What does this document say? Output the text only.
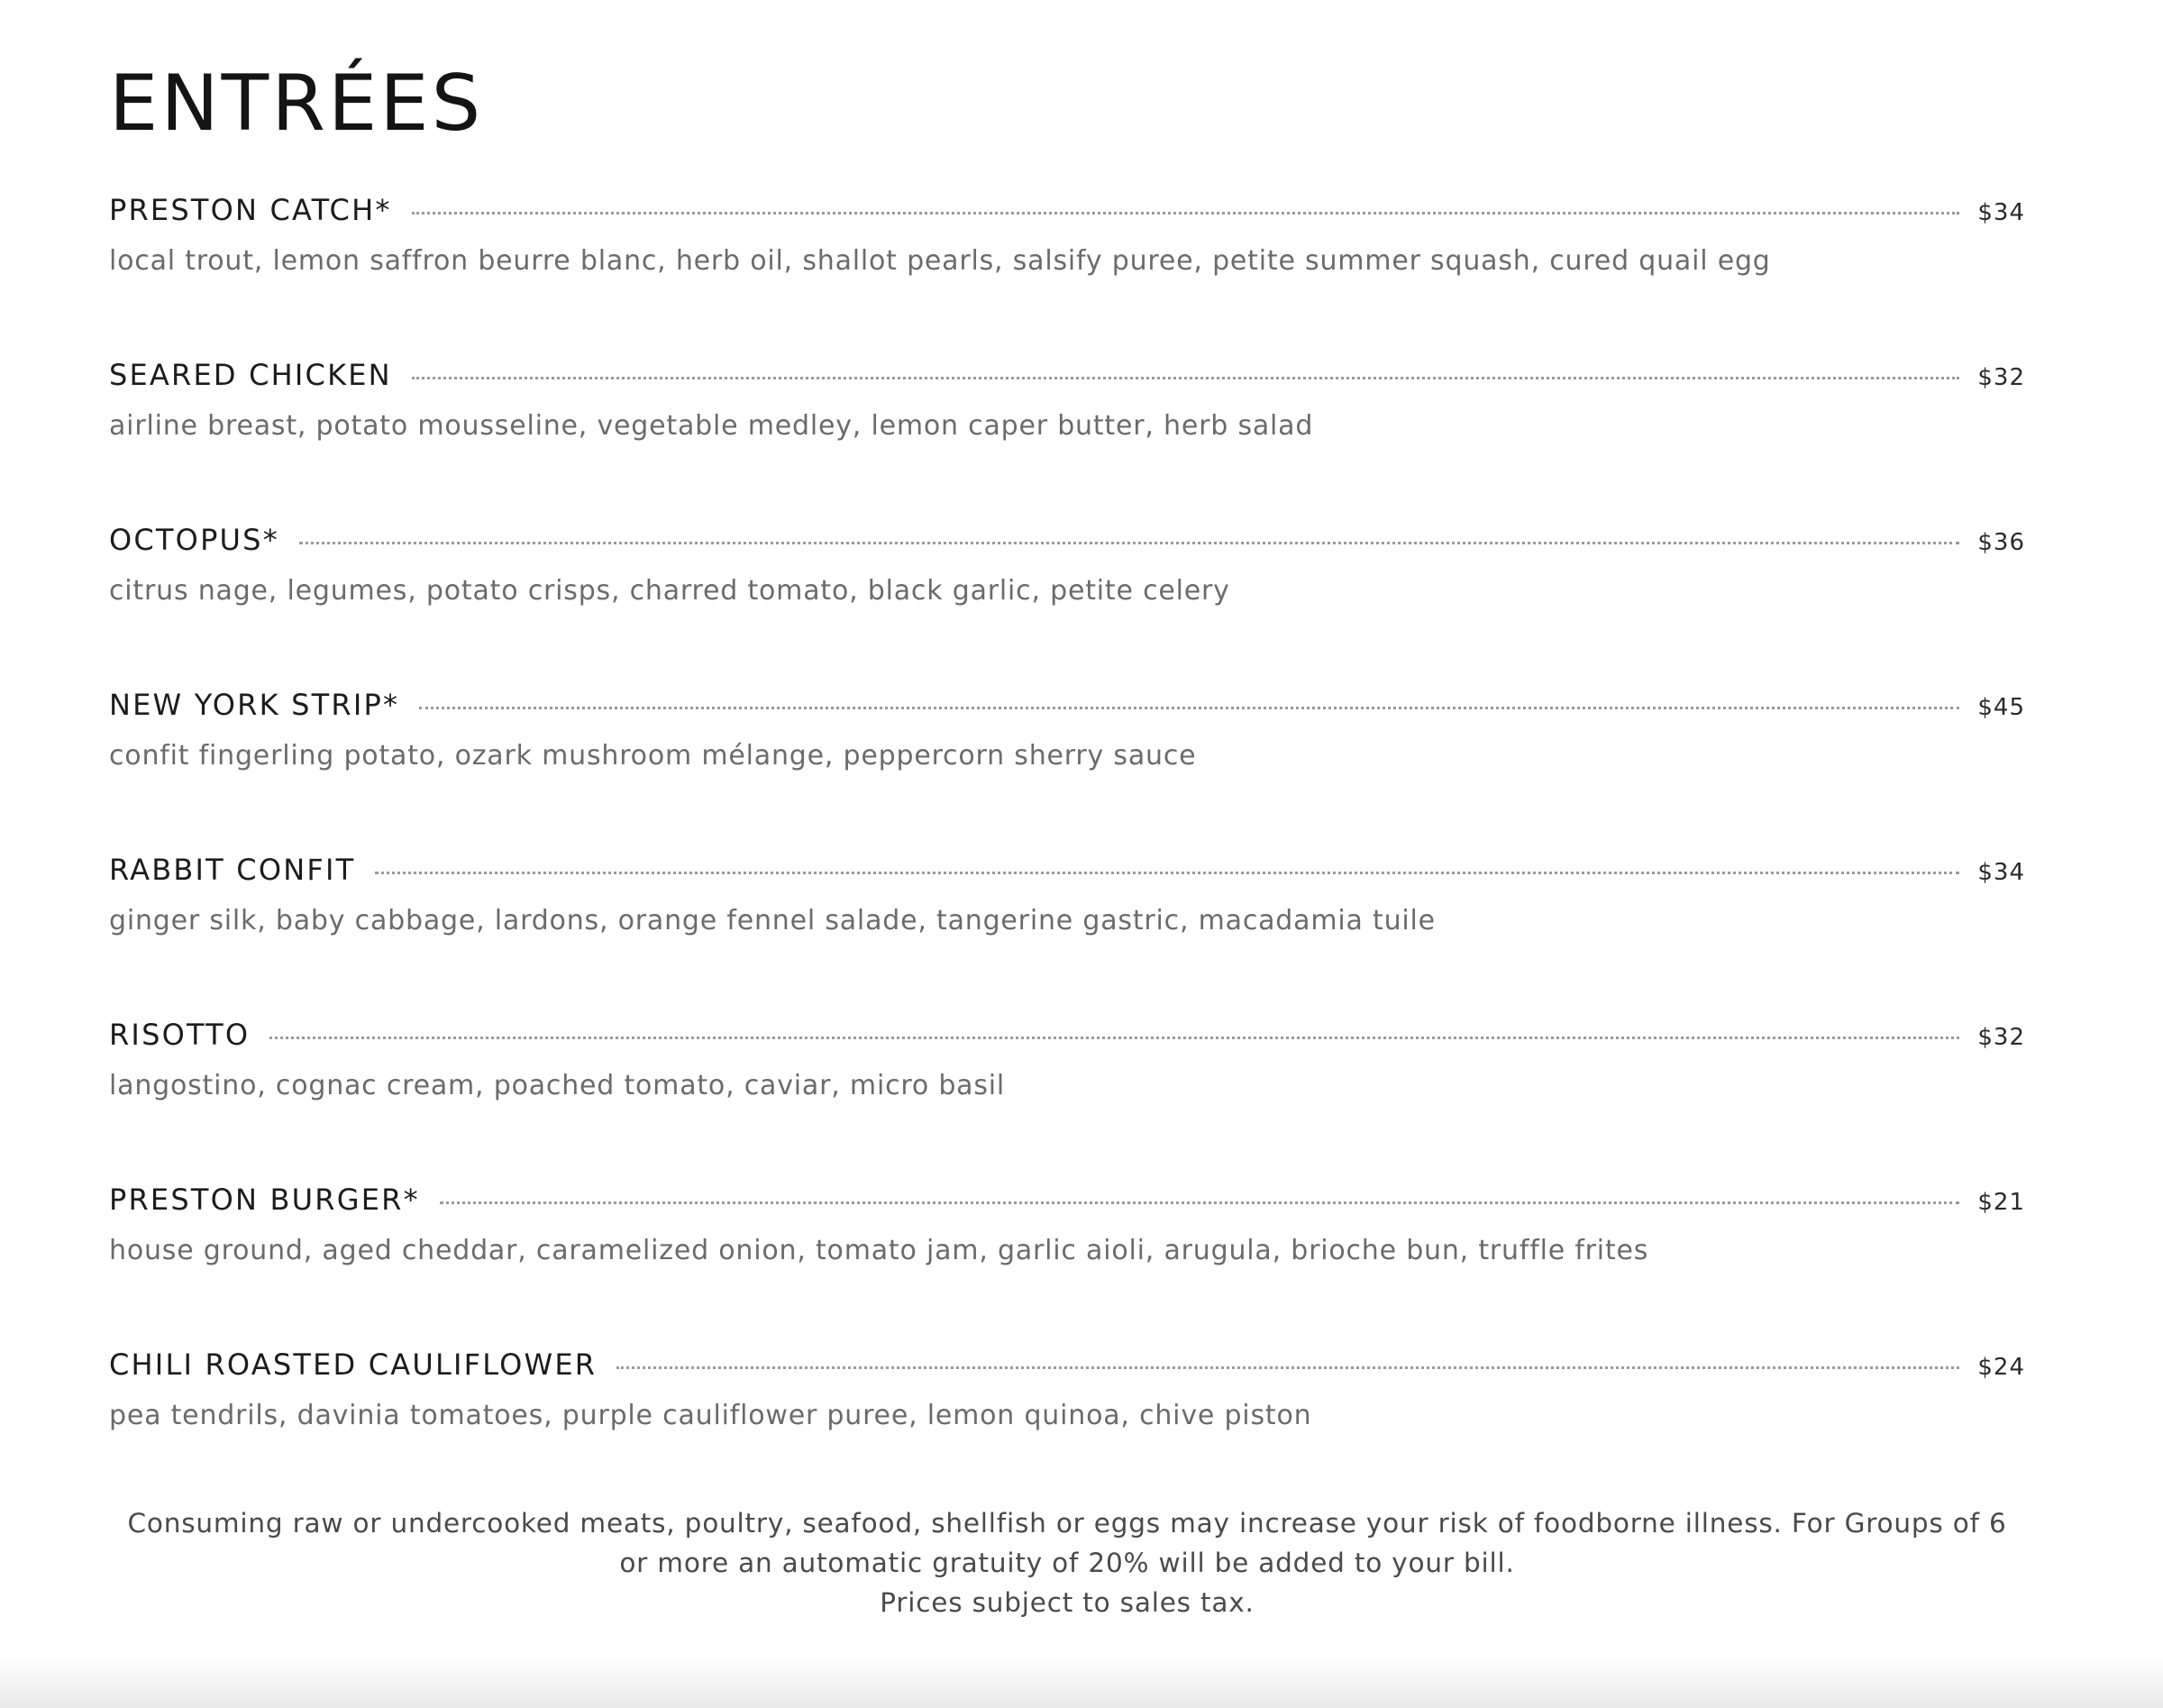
ENTRÉES
PRESTON CATCH*	$34
local trout, lemon saffron beurre blanc, herb oil, shallot pearls, salsify puree, petite summer squash, cured quail egg
SEARED CHICKEN	$32
airline breast, potato mousseline, vegetable medley, lemon caper butter, herb salad
OCTOPUS*	$36
citrus nage, legumes, potato crisps, charred tomato, black garlic, petite celery
NEW YORK STRIP*	$45
confit fingerling potato, ozark mushroom mélange, peppercorn sherry sauce
RABBIT CONFIT	$34
ginger silk, baby cabbage, lardons, orange fennel salade, tangerine gastric, macadamia tuile
RISOTTO	$32
langostino, cognac cream, poached tomato, caviar, micro basil
PRESTON BURGER*	$21
house ground, aged cheddar, caramelized onion, tomato jam, garlic aioli, arugula, brioche bun, truffle frites
CHILI ROASTED CAULIFLOWER	$24
pea tendrils, davinia tomatoes, purple cauliflower puree, lemon quinoa, chive piston

Consuming raw or undercooked meats, poultry, seafood, shellfish or eggs may increase your risk of foodborne illness. For Groups of 6 or more an automatic gratuity of 20% will be added to your bill.

Prices subject to sales tax.
